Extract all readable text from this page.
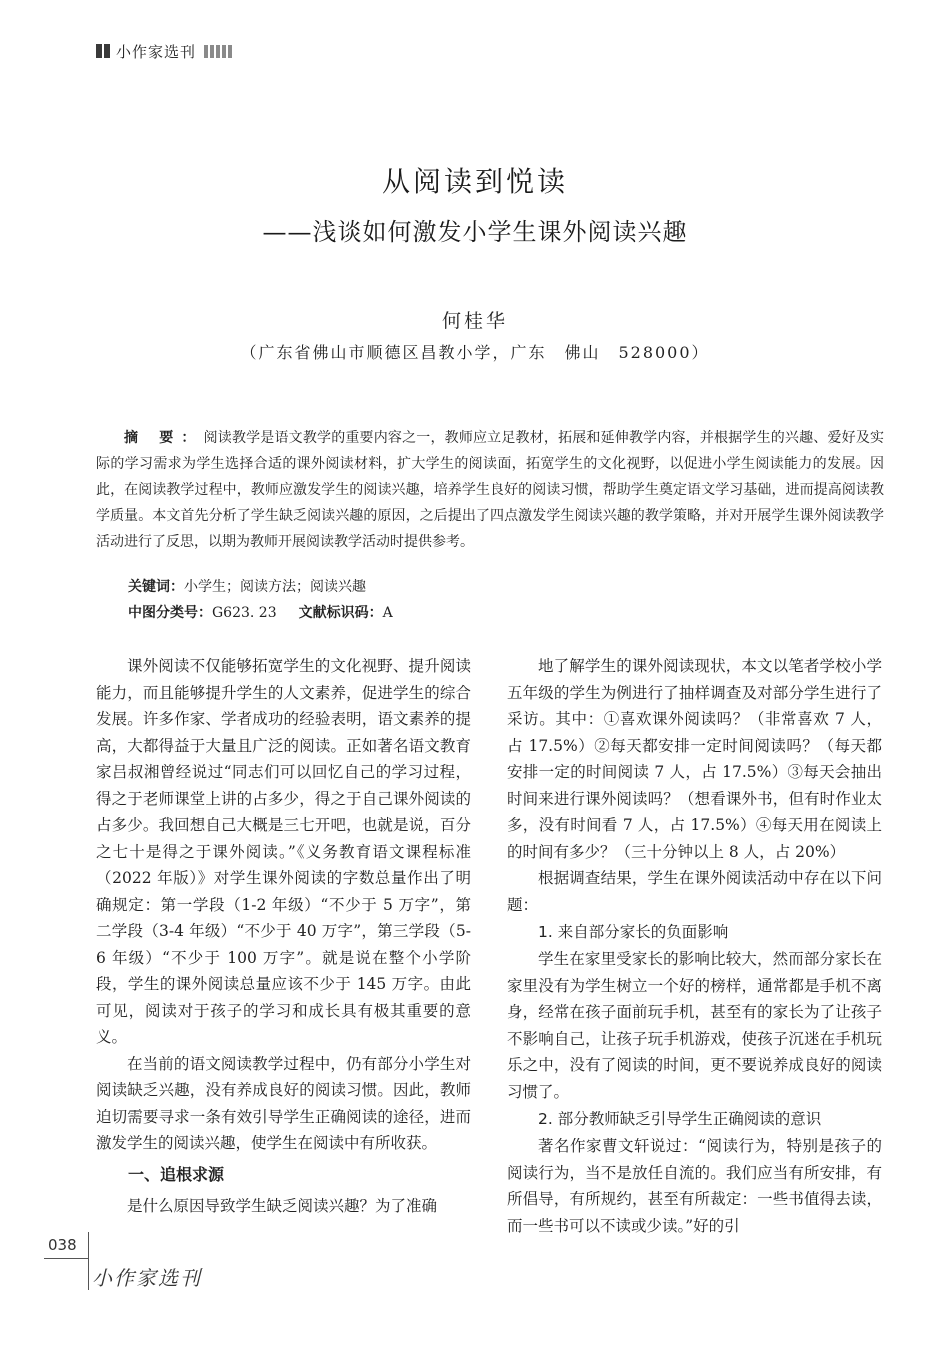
小作家选刊
从阅读到悦读
——浅谈如何激发小学生课外阅读兴趣
何桂华
（广东省佛山市顺德区昌教小学，广东　佛山　528000）

摘 要：阅读教学是语文教学的重要内容之一，教师应立足教材，拓展和延伸教学内容，并根据学生的兴趣、爱好及实际的学习需求为学生选择合适的课外阅读材料，扩大学生的阅读面，拓宽学生的文化视野，以促进小学生阅读能力的发展。因此，在阅读教学过程中，教师应激发学生的阅读兴趣，培养学生良好的阅读习惯，帮助学生奠定语文学习基础，进而提高阅读教学质量。本文首先分析了学生缺乏阅读兴趣的原因，之后提出了四点激发学生阅读兴趣的教学策略，并对开展学生课外阅读教学活动进行了反思，以期为教师开展阅读教学活动时提供参考。

关键词：小学生；阅读方法；阅读兴趣
中图分类号：G623. 23 文献标识码：A

课外阅读不仅能够拓宽学生的文化视野、提升阅读能力，而且能够提升学生的人文素养，促进学生的综合发展。许多作家、学者成功的经验表明，语文素养的提高，大都得益于大量且广泛的阅读。正如著名语文教育家吕叔湘曾经说过“同志们可以回忆自己的学习过程，得之于老师课堂上讲的占多少，得之于自己课外阅读的占多少。我回想自己大概是三七开吧，也就是说，百分之七十是得之于课外阅读。”《义务教育语文课程标准（2022 年版）》对学生课外阅读的字数总量作出了明确规定：第一学段（1-2 年级）“不少于 5 万字”，第二学段（3-4 年级）“不少于 40 万字”，第三学段（5-6 年级）“不少于 100 万字”。就是说在整个小学阶段，学生的课外阅读总量应该不少于 145 万字。由此可见，阅读对于孩子的学习和成长具有极其重要的意义。

在当前的语文阅读教学过程中，仍有部分小学生对阅读缺乏兴趣，没有养成良好的阅读习惯。因此，教师迫切需要寻求一条有效引导学生正确阅读的途径，进而激发学生的阅读兴趣，使学生在阅读中有所收获。

一、追根求源

是什么原因导致学生缺乏阅读兴趣？为了准确

地了解学生的课外阅读现状，本文以笔者学校小学五年级的学生为例进行了抽样调查及对部分学生进行了采访。其中：①喜欢课外阅读吗？（非常喜欢 7 人，占 17.5%）②每天都安排一定时间阅读吗？（每天都安排一定的时间阅读 7 人，占 17.5%）③每天会抽出时间来进行课外阅读吗？（想看课外书，但有时作业太多，没有时间看 7 人，占 17.5%）④每天用在阅读上的时间有多少？（三十分钟以上 8 人，占 20%）

根据调查结果，学生在课外阅读活动中存在以下问题：

1. 来自部分家长的负面影响

学生在家里受家长的影响比较大，然而部分家长在家里没有为学生树立一个好的榜样，通常都是手机不离身，经常在孩子面前玩手机，甚至有的家长为了让孩子不影响自己，让孩子玩手机游戏，使孩子沉迷在手机玩乐之中，没有了阅读的时间，更不要说养成良好的阅读习惯了。

2. 部分教师缺乏引导学生正确阅读的意识

著名作家曹文轩说过：“阅读行为，特别是孩子的阅读行为，当不是放任自流的。我们应当有所安排，有所倡导，有所规约，甚至有所裁定：一些书值得去读，而一些书可以不读或少读。”好的引

038
小作家选刊
